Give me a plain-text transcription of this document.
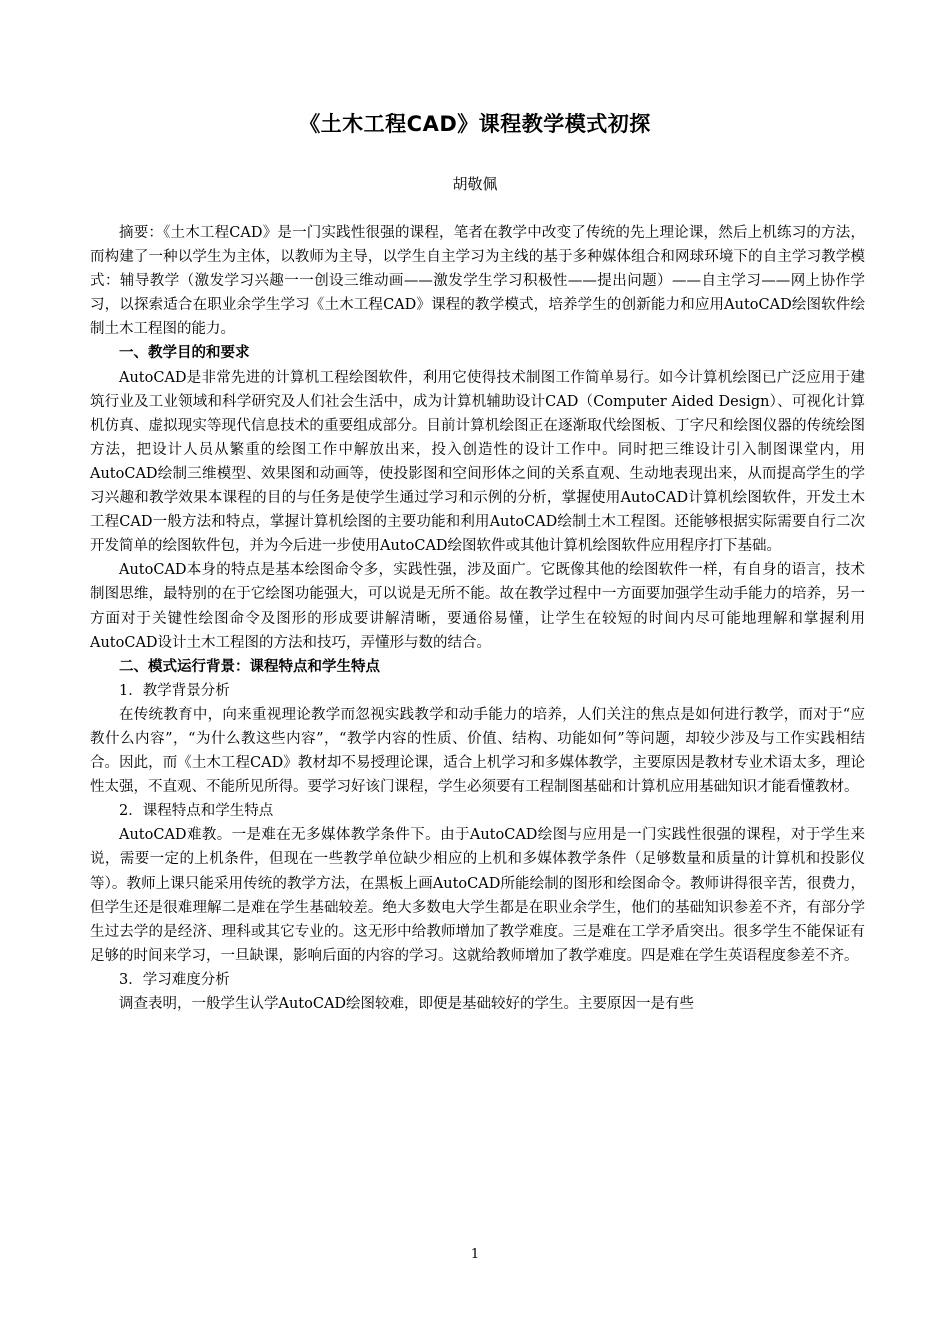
《土木工程CAD》课程教学模式初探
胡敬佩

摘要：《土木工程CAD》是一门实践性很强的课程，笔者在教学中改变了传统的先上理论课，然后上机练习的方法，而构建了一种以学生为主体，以教师为主导，以学生自主学习为主线的基于多种媒体组合和网球环境下的自主学习教学模式：辅导教学（激发学习兴趣一一创设三维动画——激发学生学习积极性——提出问题）——自主学习——网上协作学习，以探索适合在职业余学生学习《土木工程CAD》课程的教学模式，培养学生的创新能力和应用AutoCAD绘图软件绘制土木工程图的能力。

一、教学目的和要求

AutoCAD是非常先进的计算机工程绘图软件，利用它使得技术制图工作简单易行。如今计算机绘图已广泛应用于建筑行业及工业领域和科学研究及人们社会生活中，成为计算机辅助设计CAD（Computer Aided Design）、可视化计算机仿真、虚拟现实等现代信息技术的重要组成部分。目前计算机绘图正在逐渐取代绘图板、丁字尺和绘图仪器的传统绘图方法，把设计人员从繁重的绘图工作中解放出来，投入创造性的设计工作中。同时把三维设计引入制图课堂内，用AutoCAD绘制三维模型、效果图和动画等，使投影图和空间形体之间的关系直观、生动地表现出来，从而提高学生的学习兴趣和教学效果本课程的目的与任务是使学生通过学习和示例的分析，掌握使用AutoCAD计算机绘图软件，开发土木工程CAD一般方法和特点，掌握计算机绘图的主要功能和利用AutoCAD绘制土木工程图。还能够根据实际需要自行二次开发简单的绘图软件包，并为今后进一步使用AutoCAD绘图软件或其他计算机绘图软件应用程序打下基础。

AutoCAD本身的特点是基本绘图命令多，实践性强，涉及面广。它既像其他的绘图软件一样，有自身的语言，技术制图思维，最特别的在于它绘图功能强大，可以说是无所不能。故在教学过程中一方面要加强学生动手能力的培养，另一方面对于关键性绘图命令及图形的形成要讲解清晰，要通俗易懂，让学生在较短的时间内尽可能地理解和掌握利用AutoCAD设计土木工程图的方法和技巧，弄懂形与数的结合。

二、模式运行背景：课程特点和学生特点
1．教学背景分析

在传统教育中，向来重视理论教学而忽视实践教学和动手能力的培养，人们关注的焦点是如何进行教学，而对于“应教什么内容”，“为什么教这些内容”，“教学内容的性质、价值、结构、功能如何”等问题，却较少涉及与工作实践相结合。因此，而《土木工程CAD》教材却不易授理论课，适合上机学习和多媒体教学，主要原因是教材专业术语太多，理论性太强，不直观、不能所见所得。要学习好该门课程，学生必须要有工程制图基础和计算机应用基础知识才能看懂教材。

2．课程特点和学生特点

AutoCAD难教。一是难在无多媒体教学条件下。由于AutoCAD绘图与应用是一门实践性很强的课程，对于学生来说，需要一定的上机条件，但现在一些教学单位缺少相应的上机和多媒体教学条件（足够数量和质量的计算机和投影仪等）。教师上课只能采用传统的教学方法，在黑板上画AutoCAD所能绘制的图形和绘图命令。教师讲得很辛苦，很费力，但学生还是很难理解二是难在学生基础较差。绝大多数电大学生都是在职业余学生，他们的基础知识参差不齐，有部分学生过去学的是经济、理科或其它专业的。这无形中给教师增加了教学难度。三是难在工学矛盾突出。很多学生不能保证有足够的时间来学习，一旦缺课，影响后面的内容的学习。这就给教师增加了教学难度。四是难在学生英语程度参差不齐。

3．学习难度分析

调查表明，一般学生认学AutoCAD绘图较难，即便是基础较好的学生。主要原因一是有些

1
